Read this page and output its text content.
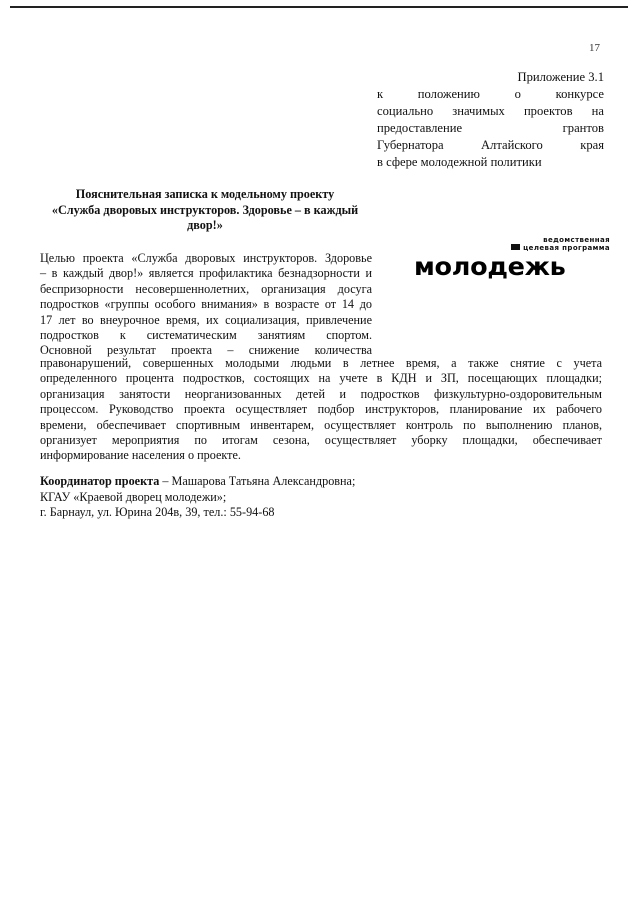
17
Приложение 3.1
к положению о конкурсе
социально значимых проектов на
предоставление грантов
Губернатора Алтайского края
в сфере молодежной политики
Пояснительная записка к модельному проекту
«Служба дворовых инструкторов. Здоровье – в каждый
двор!»
ведомственная
целевая программа
молодежь
Целью проекта «Служба дворовых инструкторов. Здоровье
– в каждый двор!» является профилактика безнадзорности и
беспризорности несовершеннолетних, организация досуга
подростков «группы особого внимания» в возрасте от 14 до
17 лет во внеурочное время, их социализация, привлечение
подростков к систематическим занятиям спортом.
Основной результат проекта – снижение количества
правонарушений, совершенных молодыми людьми в летнее время, а также снятие с учета
определенного процента подростков, состоящих на учете в КДН и ЗП, посещающих площадки;
организация занятости неорганизованных детей и подростков физкультурно-оздоровительным
процессом. Руководство проекта осуществляет подбор инструкторов, планирование их рабочего
времени, обеспечивает спортивным инвентарем, осуществляет контроль по выполнению планов,
организует мероприятия по итогам сезона, осуществляет уборку площадки, обеспечивает
информирование населения о проекте.
Координатор проекта – Машарова Татьяна Александровна;
КГАУ «Краевой дворец молодежи»;
г. Барнаул, ул. Юрина 204в, 39, тел.: 55-94-68
